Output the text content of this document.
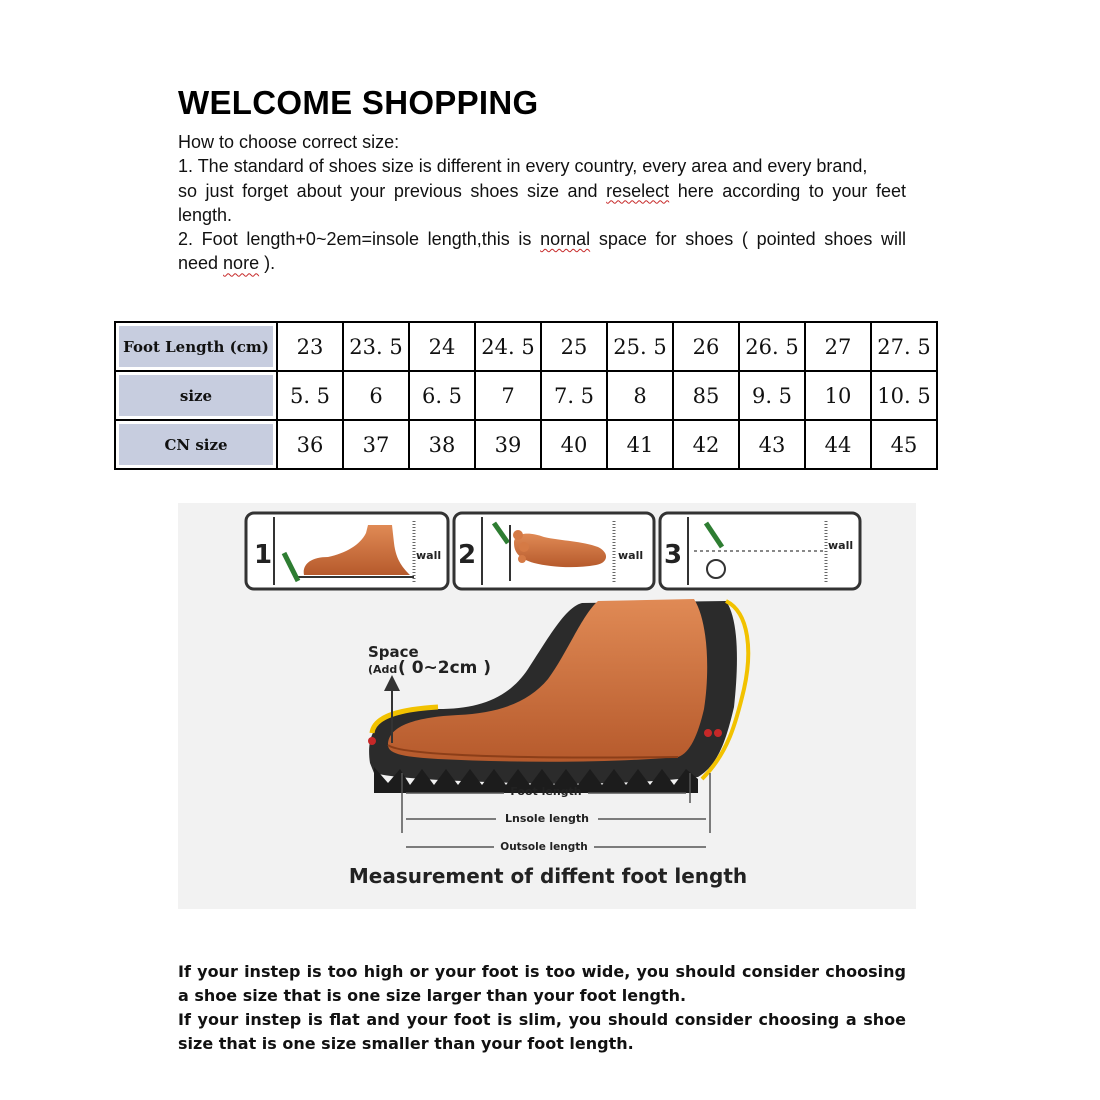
WELCOME SHOPPING

How to choose correct size:

1. The standard of shoes size is different in every country, every area and every brand,

so just forget about your previous shoes size and reselect here according to your feet length.

2. Foot length+0~2em=insole length,this is nornal space for shoes ( pointed shoes will need nore ).

Foot Length (cm)	23	23. 5	24	24. 5	25	25. 5	26	26. 5	27	27. 5
size	5. 5	6	6. 5	7	7. 5	8	85	9. 5	10	10. 5
CN size	36	37	38	39	40	41	42	43	44	45
1	wall 2	wall 3	wall
Space
(Add ( 0~2cm )
Foot length
Lnsole length
Outsole length
Measurement of diffent foot length

If your instep is too high or your foot is too wide, you should consider choosing a shoe size that is one size larger than your foot length.

If your instep is flat and your foot is slim, you should consider choosing a shoe size that is one size smaller than your foot length.
